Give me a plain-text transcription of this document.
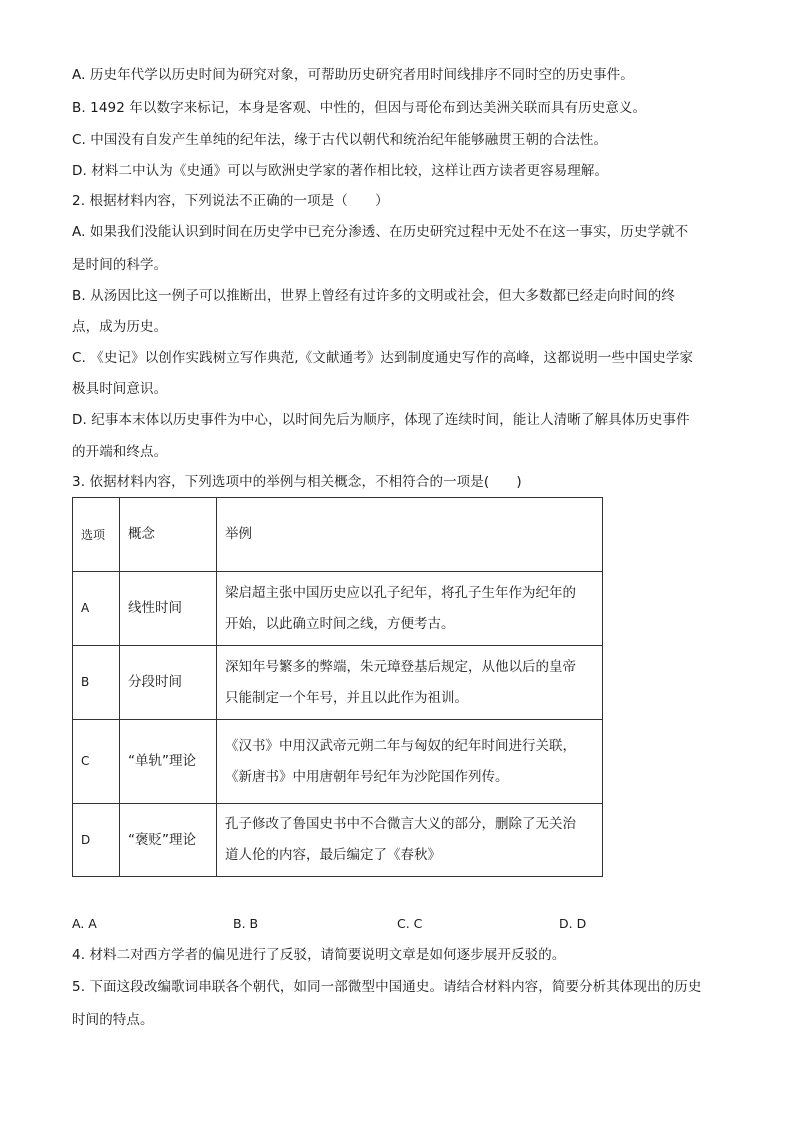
A. 历史年代学以历史时间为研究对象，可帮助历史研究者用时间线排序不同时空的历史事件。
B. 1492 年以数字来标记，本身是客观、中性的，但因与哥伦布到达美洲关联而具有历史意义。
C. 中国没有自发产生单纯的纪年法，缘于古代以朝代和统治纪年能够融贯王朝的合法性。
D. 材料二中认为《史通》可以与欧洲史学家的著作相比较，这样让西方读者更容易理解。
2. 根据材料内容，下列说法不正确的一项是（　　）
A. 如果我们没能认识到时间在历史学中已充分渗透、在历史研究过程中无处不在这一事实，历史学就不
是时间的科学。
B. 从汤因比这一例子可以推断出，世界上曾经有过许多的文明或社会，但大多数都已经走向时间的终
点，成为历史。
C. 《史记》以创作实践树立写作典范,《文献通考》达到制度通史写作的高峰，这都说明一些中国史学家
极具时间意识。
D. 纪事本末体以历史事件为中心，以时间先后为顺序，体现了连续时间，能让人清晰了解具体历史事件
的开端和终点。
3. 依据材料内容，下列选项中的举例与相关概念，不相符合的一项是(　　)
选项	概念	举例
A	线性时间	梁启超主张中国历史应以孔子纪年，将孔子生年作为纪年的
开始，以此确立时间之线，方便考古。

B	分段时间	深知年号繁多的弊端，朱元璋登基后规定，从他以后的皇帝
只能制定一个年号，并且以此作为祖训。

C	“单轨”理论	《汉书》中用汉武帝元朔二年与匈奴的纪年时间进行关联，
《新唐书》中用唐朝年号纪年为沙陀国作列传。

D	“褒贬”理论	孔子修改了鲁国史书中不合微言大义的部分，删除了无关治
道人伦的内容，最后编定了《春秋》
A. A	B. B	C. C	D. D
4. 材料二对西方学者的偏见进行了反驳，请简要说明文章是如何逐步展开反驳的。
5. 下面这段改编歌词串联各个朝代，如同一部微型中国通史。请结合材料内容，简要分析其体现出的历史
时间的特点。
